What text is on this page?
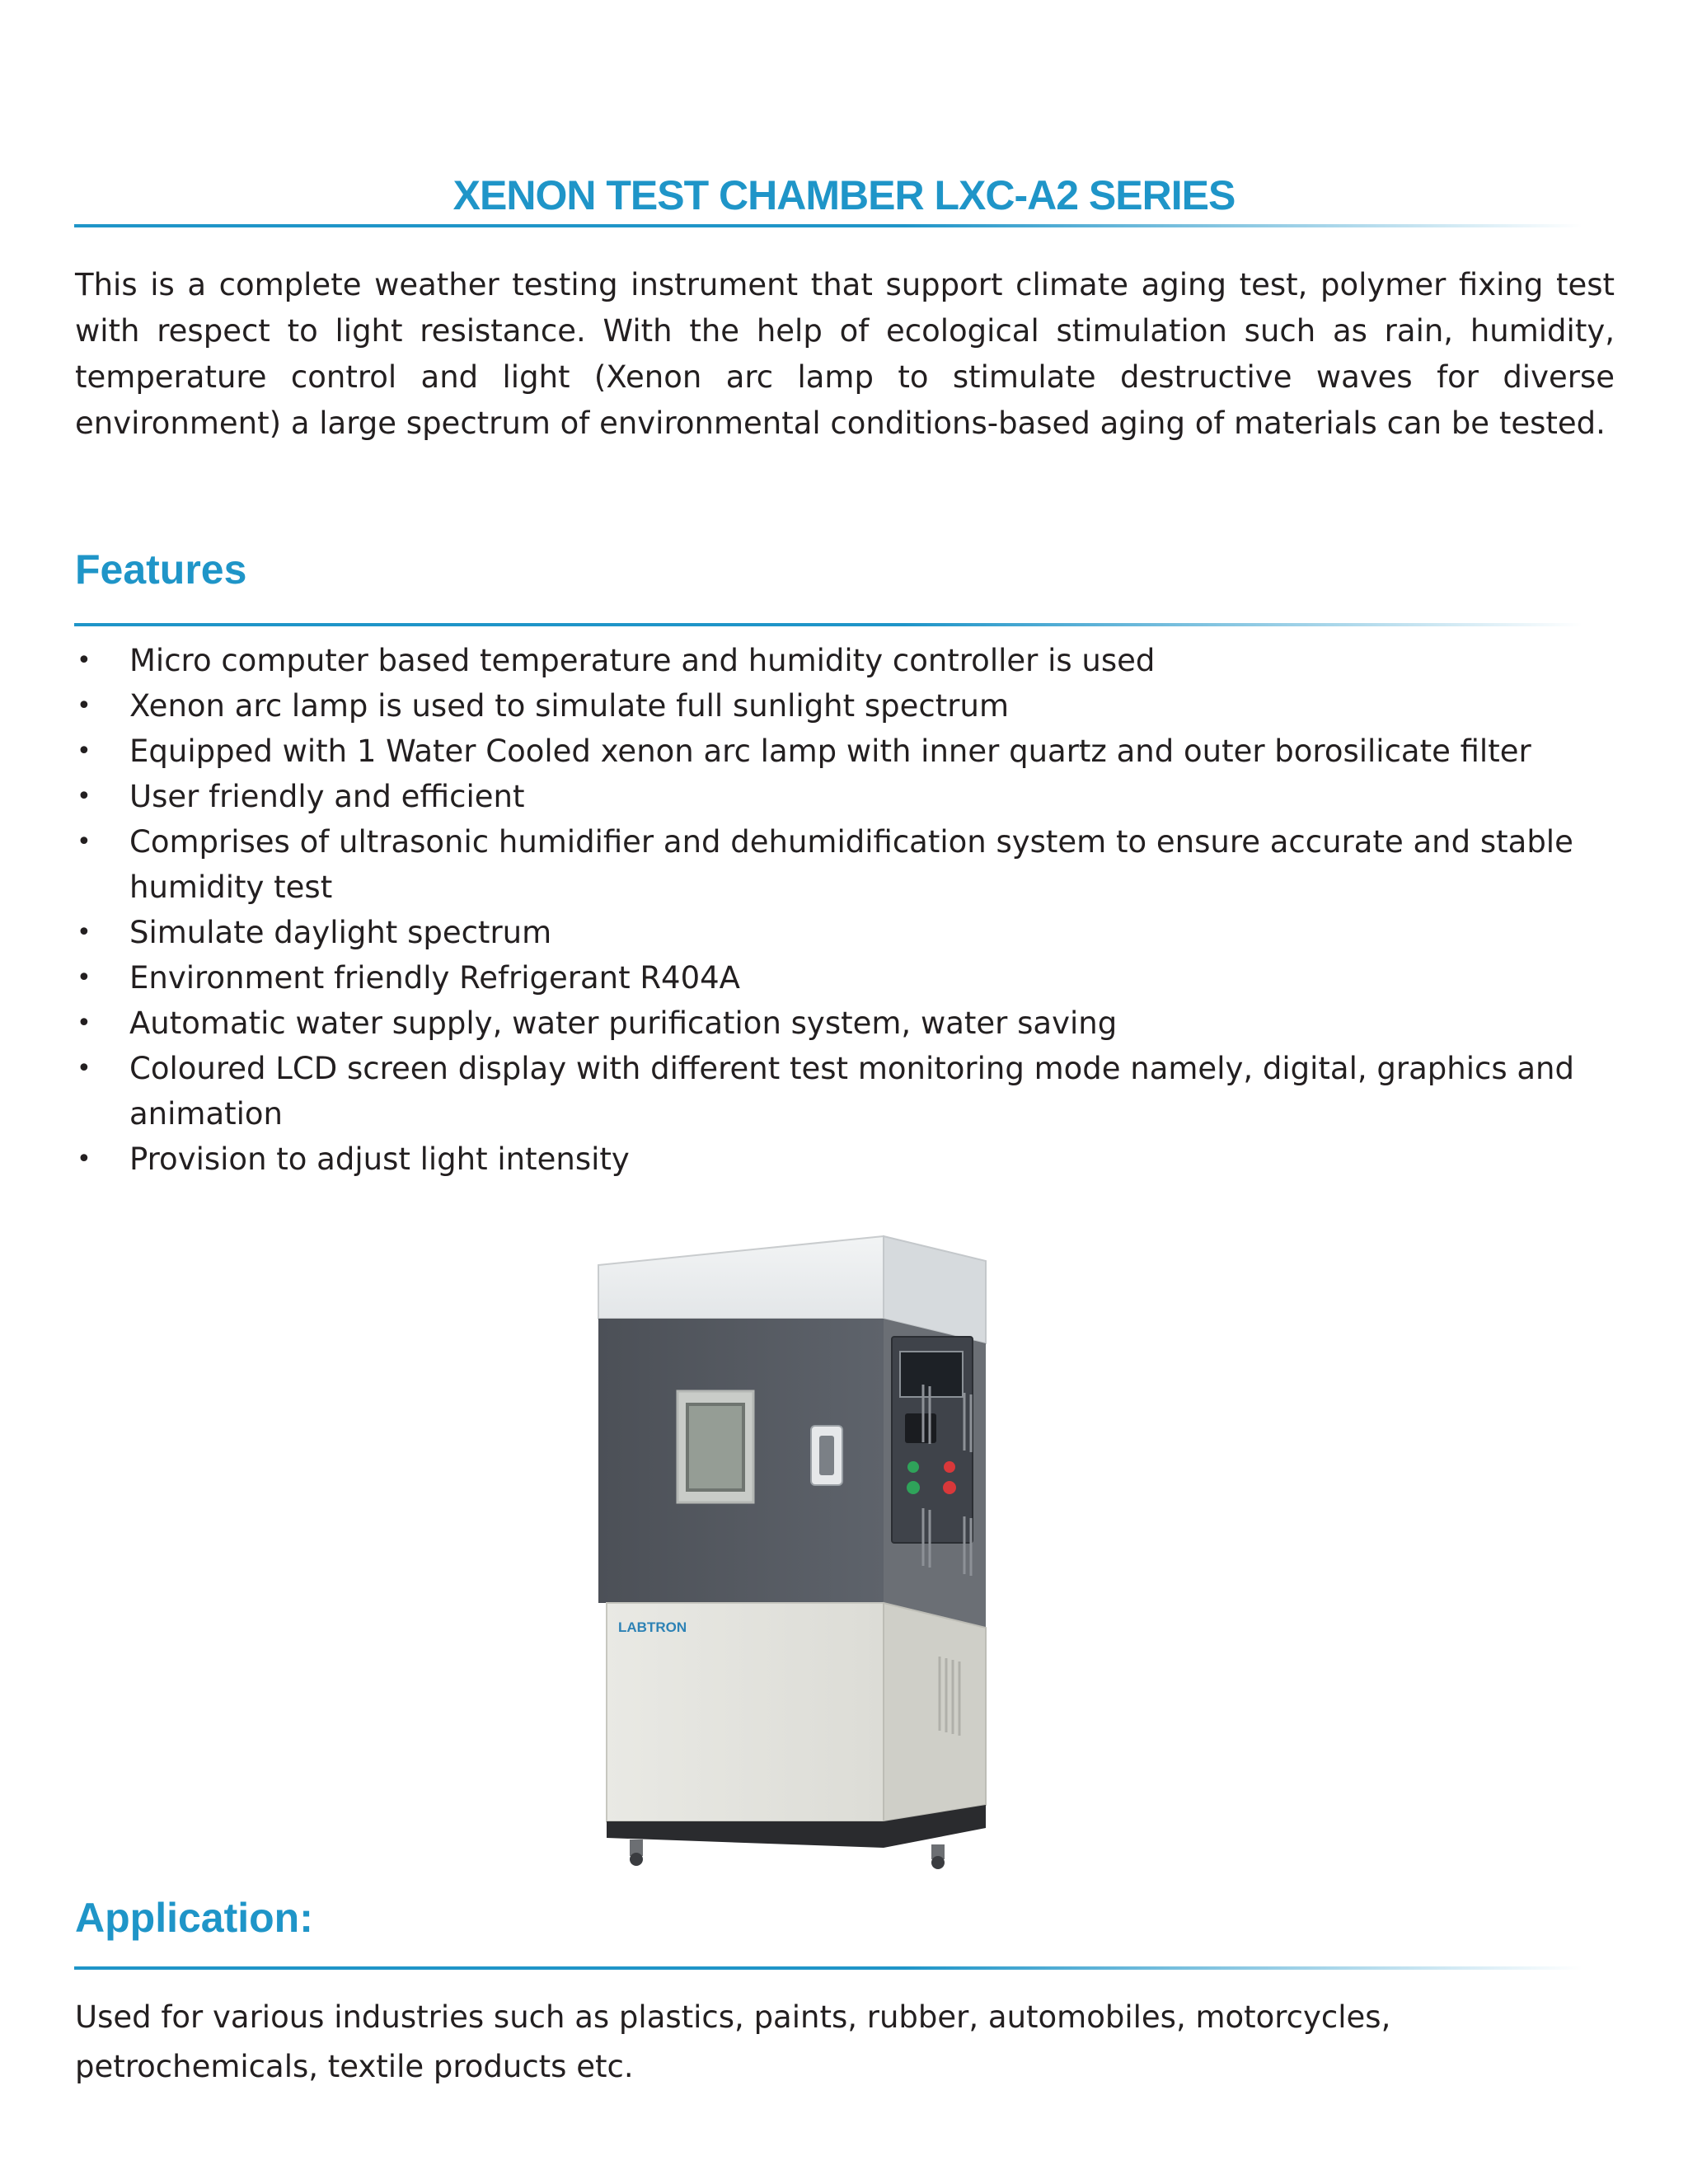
XENON TEST CHAMBER LXC-A2 SERIES

This is a complete weather testing instrument that support climate aging test, polymer fixing test with respect to light resistance. With the help of ecological stimulation such as rain, humidity, temperature control and light (Xenon arc lamp to stimulate destructive waves for diverse environment) a large spectrum of environmental conditions-based aging of materials can be tested.

Features
• Micro computer based temperature and humidity controller is used
• Xenon arc lamp is used to simulate full sunlight spectrum
• Equipped with 1 Water Cooled xenon arc lamp with inner quartz and outer borosilicate filter
• User friendly and efficient
• Comprises of ultrasonic humidifier and dehumidification system to ensure accurate and stable humidity test
• Simulate daylight spectrum
• Environment friendly Refrigerant R404A
• Automatic water supply, water purification system, water saving
• Coloured LCD screen display with different test monitoring mode namely, digital, graphics and animation
• Provision to adjust light intensity
LABTRON
Application:

Used for various industries such as plastics, paints, rubber, automobiles, motorcycles, petrochemicals, textile products etc.
